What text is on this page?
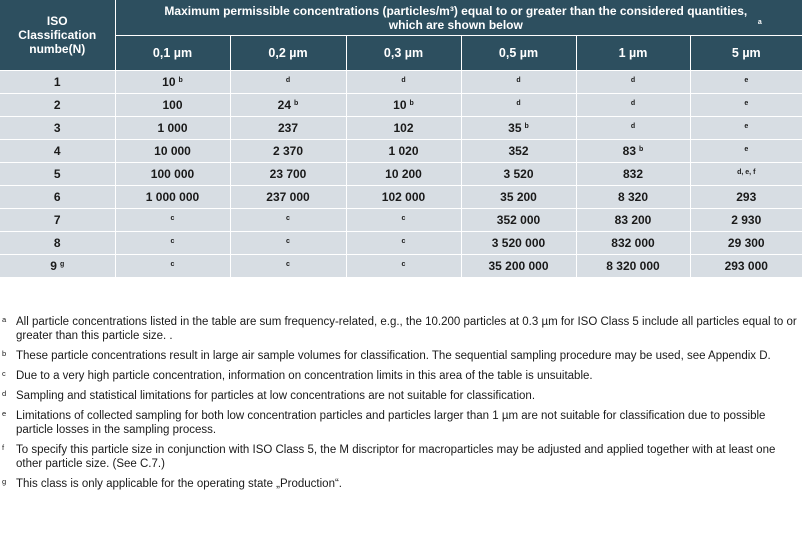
ISO Classification numbe(N)	Maximum permissible concentrations (particles/m³) equal to or greater than the considered quantities, which are shown below $^a$
	0,1 µm	0,2 µm	0,3 µm	0,5 µm	1 µm	5 µm
1	10 $^b$	$^d$	$^d$	$^d$	$^d$	$^e$
2	100	24 $^b$	10 $^b$	$^d$	$^d$	$^e$
3	1 000	237	102	35 $^b$	$^d$	$^e$
4	10 000	2 370	1 020	352	83 $^b$	$^e$
5	100 000	23 700	10 200	3 520	832	$^{d, e, f}$
6	1 000 000	237 000	102 000	35 200	8 320	293
7	$^c$	$^c$	$^c$	352 000	83 200	2 930
8	$^c$	$^c$	$^c$	3 520 000	832 000	29 300
9 $^g$	$^c$	$^c$	$^c$	35 200 000	8 320 000	293 000
a All particle concentrations listed in the table are sum frequency-related, e.g., the 10.200 particles at 0.3 µm for ISO Class 5 include all particles equal to or greater than this particle size. .
b These particle concentrations result in large air sample volumes for classification. The sequential sampling procedure may be used, see Appendix D.
c Due to a very high particle concentration, information on concentration limits in this area of the table is unsuitable.
d Sampling and statistical limitations for particles at low concentrations are not suitable for classification.
e Limitations of collected sampling for both low concentration particles and particles larger than 1 µm are not suitable for classification due to possible particle losses in the sampling process.
f To specify this particle size in conjunction with ISO Class 5, the M discriptor for macroparticles may be adjusted and applied together with at least one other particle size. (See C.7.)
g This class is only applicable for the operating state „Production“.
